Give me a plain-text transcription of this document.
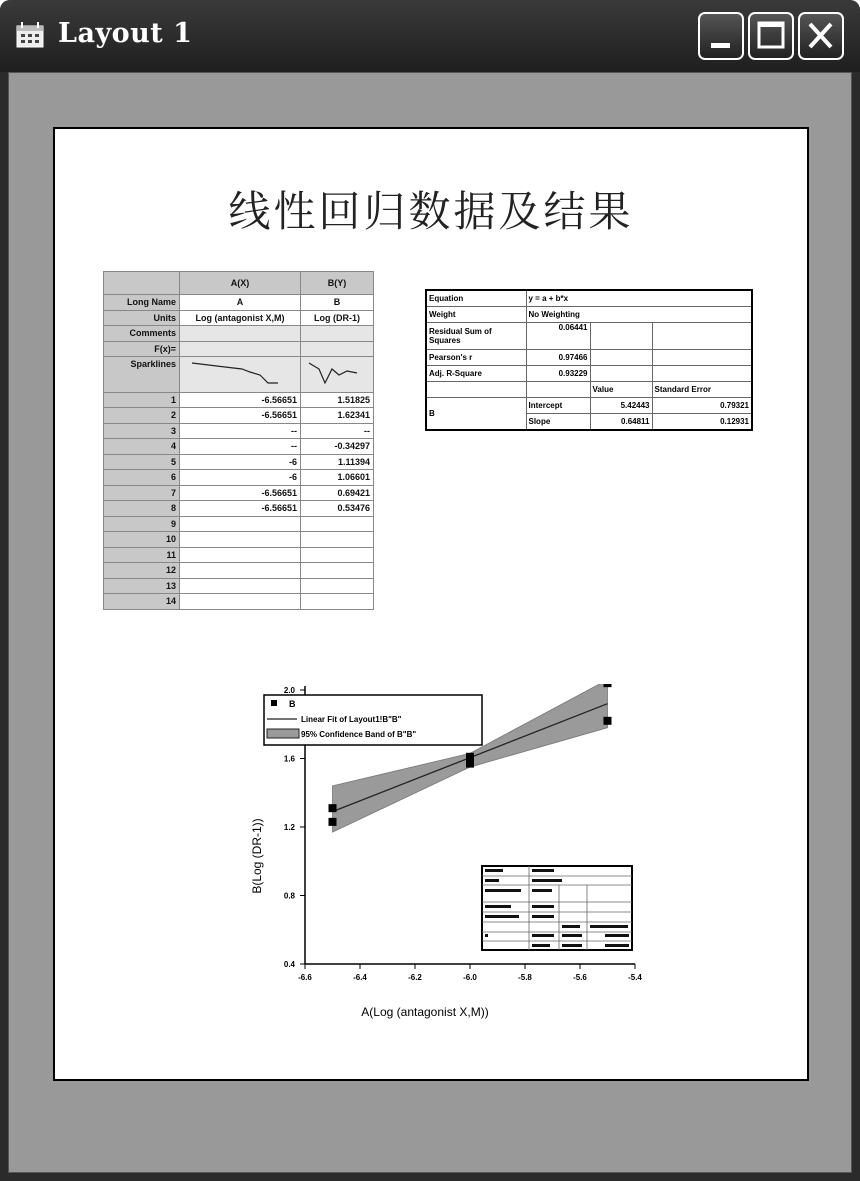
Layout 1
线性回归数据及结果
	A(X)	B(Y)
Long Name	A	B
Units	Log (antagonist X,M)	Log (DR-1)
Comments		
F(x)=		
Sparklines		
1	-6.56651	1.51825
2	-6.56651	1.62341
3	--	--
4	--	-0.34297
5	-6	1.11394
6	-6	1.06601
7	-6.56651	0.69421
8	-6.56651	0.53476
9		
10		
11		
12		
13		
14		
Equation	y = a + b*x		
Weight	No Weighting		
Residual Sum of Squares	0.06441		
Pearson's r	0.97466		
Adj. R-Square	0.93229		
		Value	Standard Error
B	Intercept	5.42443	0.79321
	Slope	0.64811	0.12931
-6.6	-6.4	-6.2	-6.0	-5.8	-5.6	-5.4
0.4
0.8
1.2
1.6
2.0
B
Linear Fit of Layout1!B"B"
95% Confidence Band of B"B"
A(Log (antagonist X,M))
B(Log (DR-1))
